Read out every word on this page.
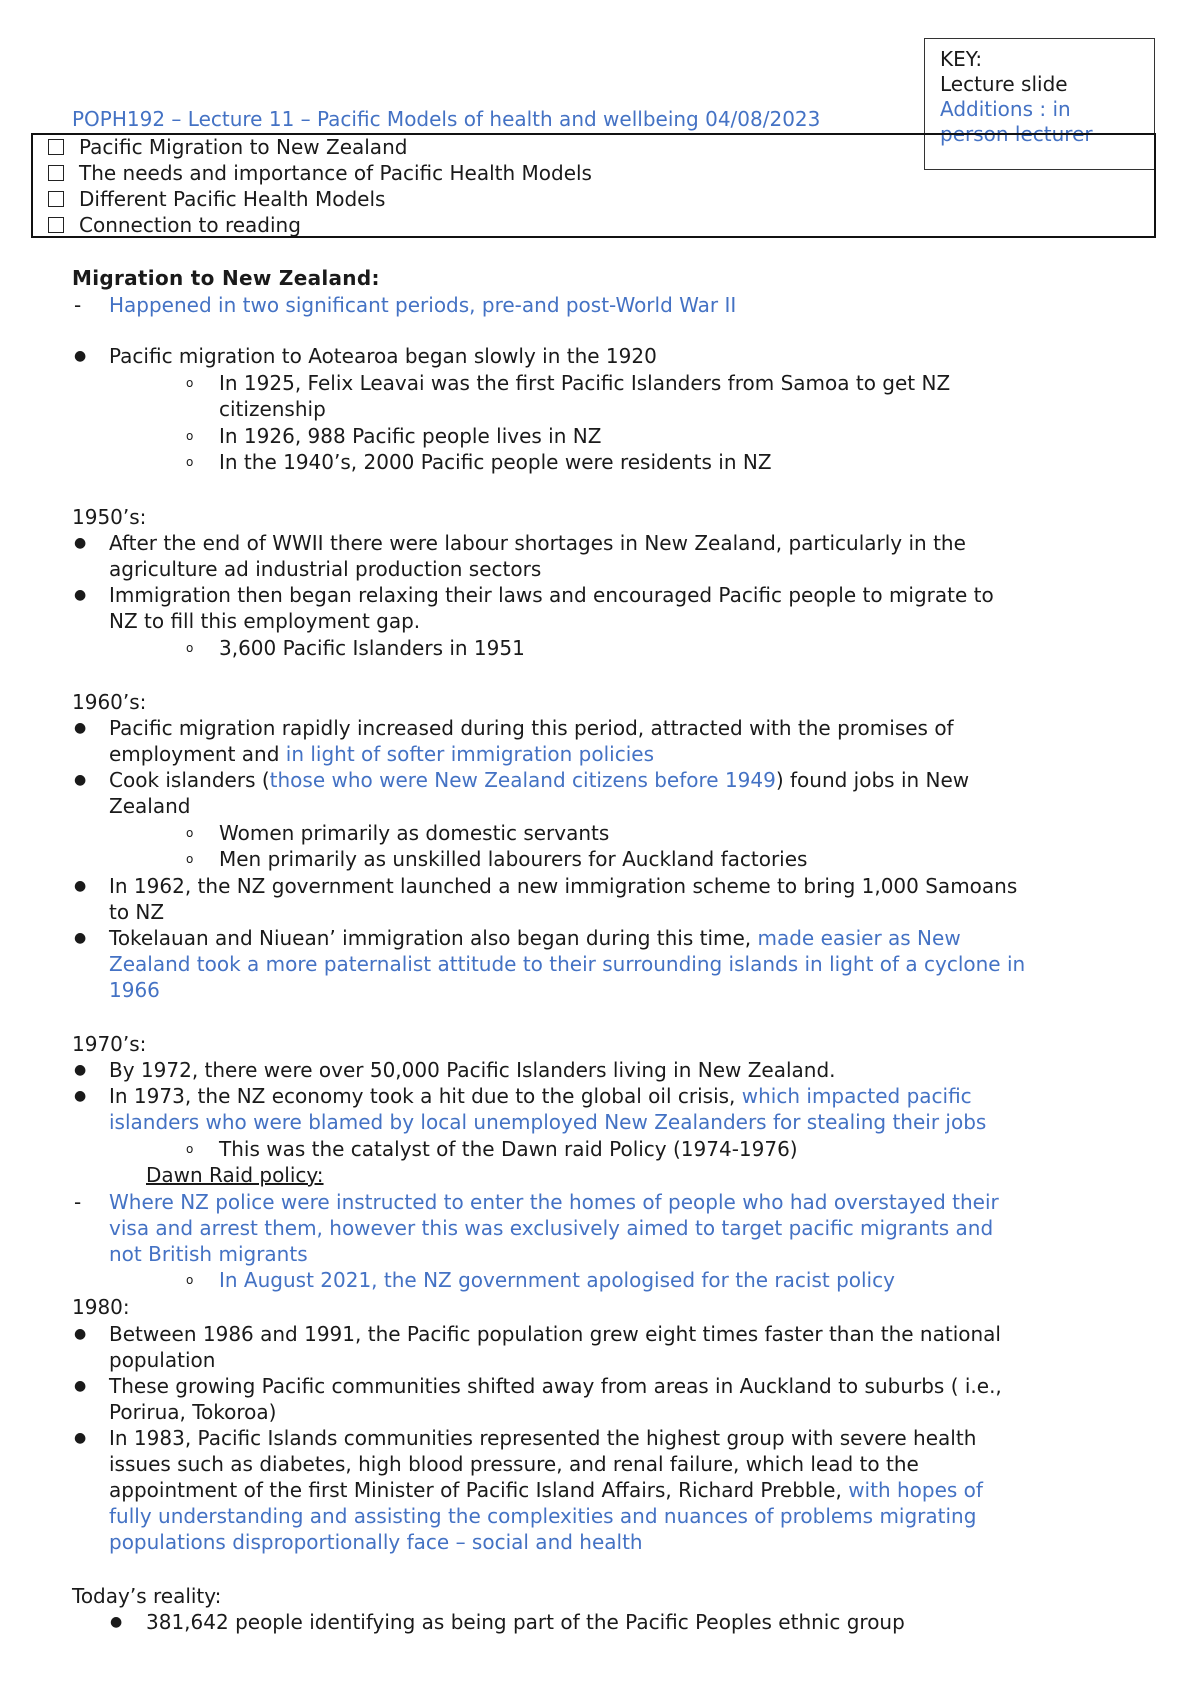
KEY:
Lecture slide
Additions : in
person lecturer
POPH192 – Lecture 11 – Pacific Models of health and wellbeing 04/08/2023
Pacific Migration to New Zealand
The needs and importance of Pacific Health Models
Different Pacific Health Models
Connection to reading
Migration to New Zealand:
- Happened in two significant periods, pre-and post-World War II
● Pacific migration to Aotearoa began slowly in the 1920
o In 1925, Felix Leavai was the first Pacific Islanders from Samoa to get NZ
citizenship
o In 1926, 988 Pacific people lives in NZ
o In the 1940’s, 2000 Pacific people were residents in NZ
1950’s:
● After the end of WWII there were labour shortages in New Zealand, particularly in the
agriculture ad industrial production sectors
● Immigration then began relaxing their laws and encouraged Pacific people to migrate to
NZ to fill this employment gap.
o 3,600 Pacific Islanders in 1951
1960’s:
● Pacific migration rapidly increased during this period, attracted with the promises of
employment and in light of softer immigration policies
● Cook islanders (those who were New Zealand citizens before 1949) found jobs in New
Zealand
o Women primarily as domestic servants
o Men primarily as unskilled labourers for Auckland factories
● In 1962, the NZ government launched a new immigration scheme to bring 1,000 Samoans
to NZ
● Tokelauan and Niuean’ immigration also began during this time, made easier as New
Zealand took a more paternalist attitude to their surrounding islands in light of a cyclone in
1966
1970’s:
● By 1972, there were over 50,000 Pacific Islanders living in New Zealand.
● In 1973, the NZ economy took a hit due to the global oil crisis, which impacted pacific
islanders who were blamed by local unemployed New Zealanders for stealing their jobs
o This was the catalyst of the Dawn raid Policy (1974-1976)
Dawn Raid policy:
- Where NZ police were instructed to enter the homes of people who had overstayed their
visa and arrest them, however this was exclusively aimed to target pacific migrants and
not British migrants
o In August 2021, the NZ government apologised for the racist policy
1980:
● Between 1986 and 1991, the Pacific population grew eight times faster than the national
population
● These growing Pacific communities shifted away from areas in Auckland to suburbs ( i.e.,
Porirua, Tokoroa)
● In 1983, Pacific Islands communities represented the highest group with severe health
issues such as diabetes, high blood pressure, and renal failure, which lead to the
appointment of the first Minister of Pacific Island Affairs, Richard Prebble, with hopes of
fully understanding and assisting the complexities and nuances of problems migrating
populations disproportionally face – social and health
Today’s reality:
● 381,642 people identifying as being part of the Pacific Peoples ethnic group
